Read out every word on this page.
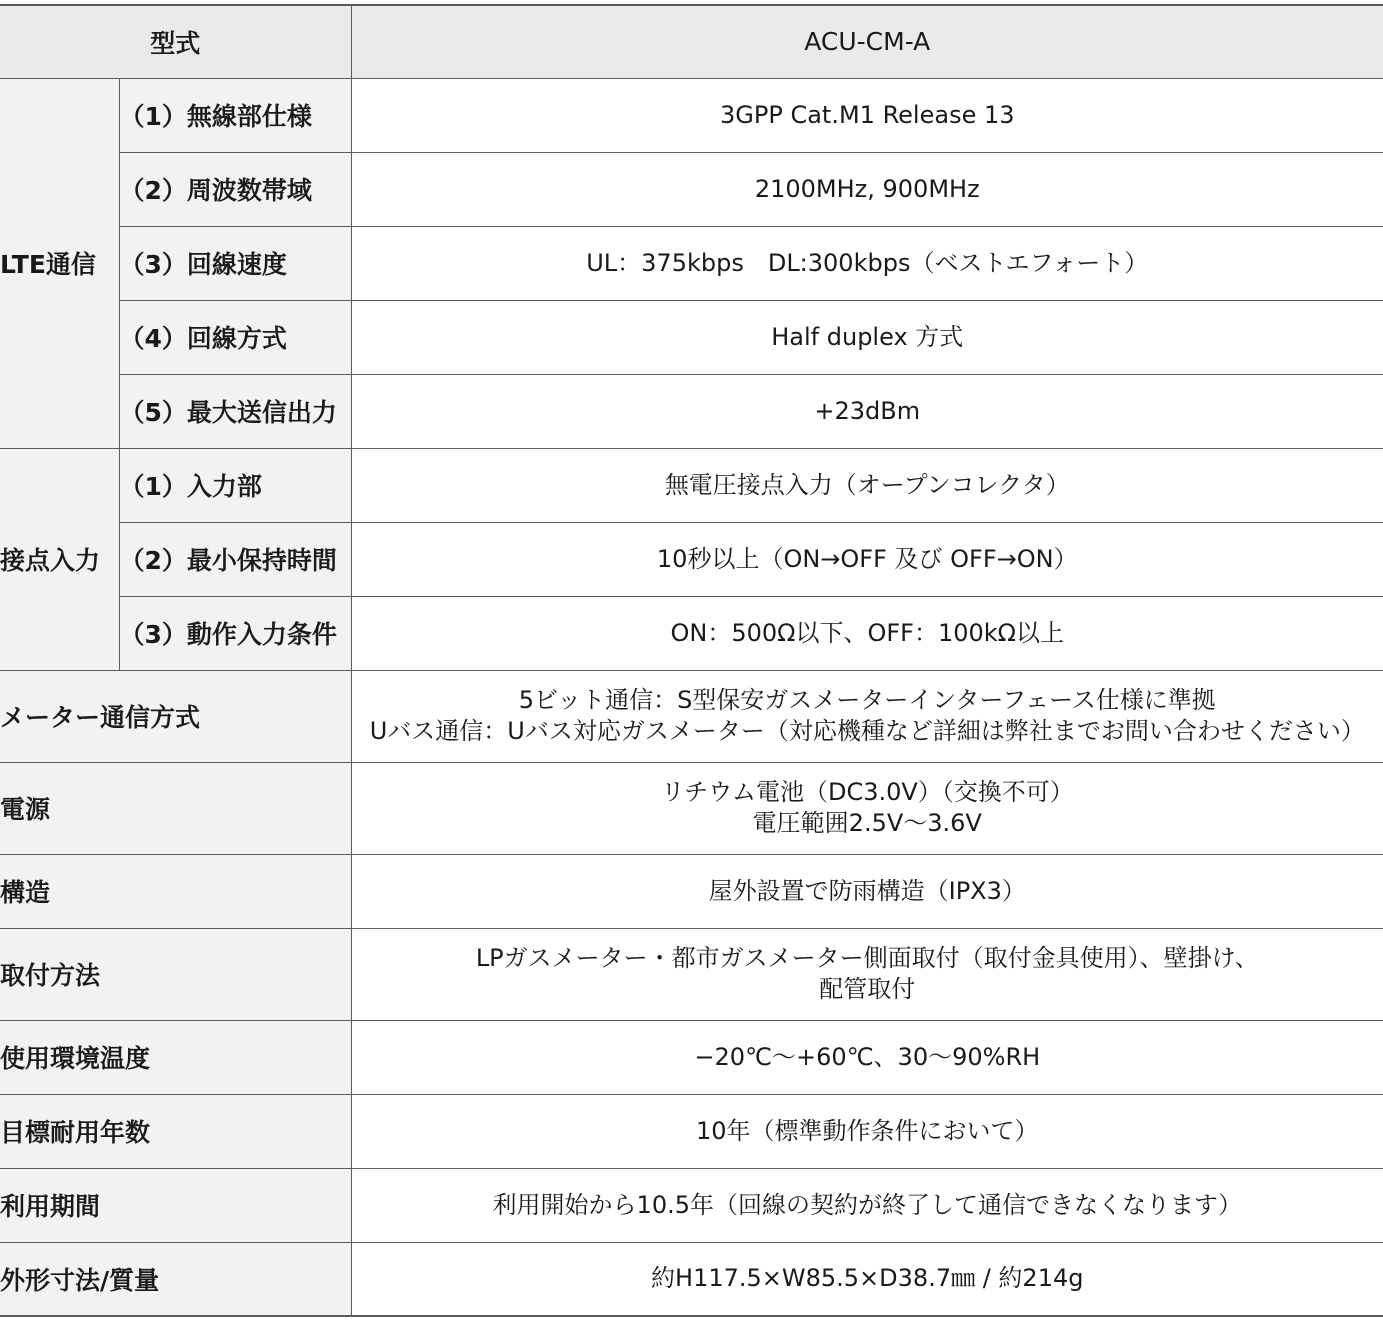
型式		ACU-CM-A
LTE通信	（1）無線部仕様	3GPP Cat.M1 Release 13
	（2）周波数帯域	2100MHz, 900MHz
	（3）回線速度	UL：375kbps　DL:300kbps（ベストエフォート）
	（4）回線方式	Half duplex 方式
	（5）最大送信出力	+23dBm
接点入力	（1）入力部	無電圧接点入力（オープンコレクタ）
	（2）最小保持時間	10秒以上（ON→OFF 及び OFF→ON）
	（3）動作入力条件	ON：500Ω以下、OFF：100kΩ以上
メーター通信方式		5ビット通信：S型保安ガスメーターインターフェース仕様に準拠
Uバス通信：Uバス対応ガスメーター（対応機種など詳細は弊社までお問い合わせください）

電源		リチウム電池（DC3.0V）（交換不可）
電圧範囲2.5V～3.6V

構造		屋外設置で防雨構造（IPX3）

取付方法		LPガスメーター・都市ガスメーター側面取付（取付金具使用）、壁掛け、
配管取付

使用環境温度		−20℃～+60℃、30～90%RH

目標耐用年数		10年（標準動作条件において）

利用期間		利用開始から10.5年（回線の契約が終了して通信できなくなります）

外形寸法/質量		約H117.5×W85.5×D38.7㎜ / 約214g
